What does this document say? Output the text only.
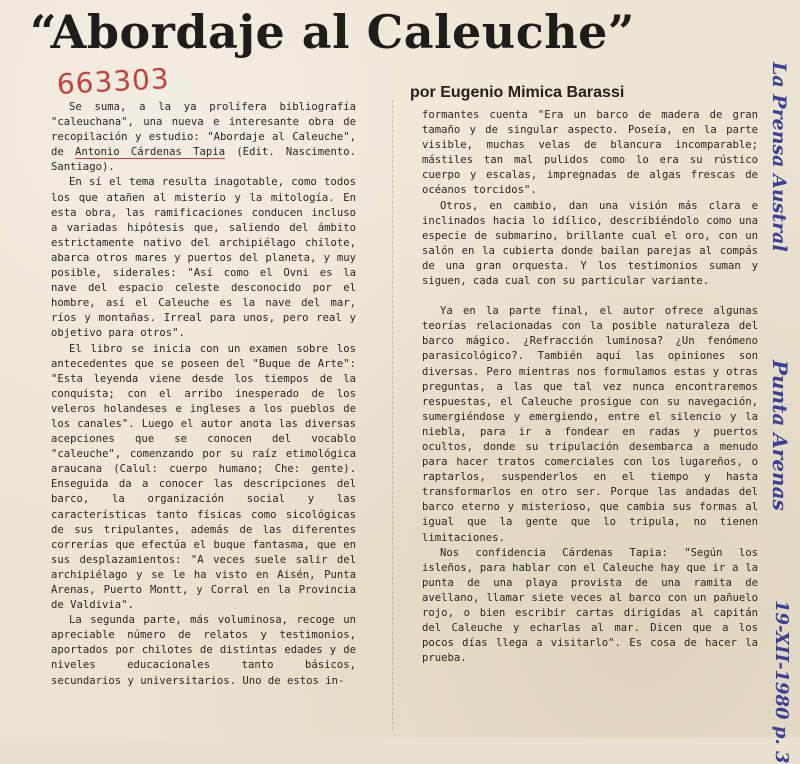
“Abordaje al Caleuche”
663303	por Eugenio Mimica Barassi

Se suma, a la ya prolífera bibliografía "caleuchana", una nueva e interesante obra de recopilación y estudio: "Abordaje al Caleuche", de Antonio Cárdenas Tapia (Edit. Nascimento. Santiago).

En sí el tema resulta inagotable, como todos los que atañen al misterio y la mitología. En esta obra, las ramificaciones conducen incluso a variadas hipótesis que, saliendo del ámbito estrictamente nativo del archipiélago chilote, abarca otros mares y puertos del planeta, y muy posible, siderales: "Así como el Ovni es la nave del espacio celeste desconocido por el hombre, así el Caleuche es la nave del mar, ríos y montañas. Irreal para unos, pero real y objetivo para otros".

El libro se inicia con un examen sobre los antecedentes que se poseen del "Buque de Arte": "Esta leyenda viene desde los tiempos de la conquista; con el arribo inesperado de los veleros holandeses e ingleses a los pueblos de los canales". Luego el autor anota las diversas acepciones que se conocen del vocablo "caleuche", comenzando por su raíz etimológica araucana (Calul: cuerpo humano; Che: gente). Enseguida da a conocer las descripciones del barco, la organización social y las características tanto físicas como sicológicas de sus tripulantes, además de las diferentes correrías que efectúa el buque fantasma, que en sus desplazamientos: "A veces suele salir del archipiélago y se le ha visto en Aisén, Punta Arenas, Puerto Montt, y Corral en la Provincia de Valdivia".

La segunda parte, más voluminosa, recoge un apreciable número de relatos y testimonios, aportados por chilotes de distintas edades y de niveles educacionales tanto básicos, secundarios y universitarios. Uno de estos in-

formantes cuenta "Era un barco de madera de gran tamaño y de singular aspecto. Poseía, en la parte visible, muchas velas de blancura incomparable; mástiles tan mal pulidos como lo era su rústico cuerpo y escalas, impregnadas de algas frescas de océanos torcidos".

Otros, en cambio, dan una visión más clara e inclinados hacia lo idílico, describiéndolo como una especie de submarino, brillante cual el oro, con un salón en la cubierta donde bailan parejas al compás de una gran orquesta. Y los testimonios suman y siguen, cada cual con su particular variante.

Ya en la parte final, el autor ofrece algunas teorías relacionadas con la posible naturaleza del barco mágico. ¿Refracción luminosa? ¿Un fenómeno parasicológico?. También aquí las opiniones son diversas. Pero mientras nos formulamos estas y otras preguntas, a las que tal vez nunca encontraremos respuestas, el Caleuche prosigue con su navegación, sumergiéndose y emergiendo, entre el silencio y la niebla, para ir a fondear en radas y puertos ocultos, donde su tripulación desembarca a menudo para hacer tratos comerciales con los lugareños, o raptarlos, suspenderlos en el tiempo y hasta transformarlos en otro ser. Porque las andadas del barco eterno y misterioso, que cambia sus formas al igual que la gente que lo tripula, no tienen limitaciones.

Nos confidencia Cárdenas Tapia: "Según los isleños, para hablar con el Caleuche hay que ir a la punta de una playa provista de una ramita de avellano, llamar siete veces al barco con un pañuelo rojo, o bien escribir cartas dirigidas al capitán del Caleuche y echarlas al mar. Dicen que a los pocos días llega a visitarlo". Es cosa de hacer la prueba.

La Prensa Austral
Punta Arenas
19-XII-1980 p. 3
